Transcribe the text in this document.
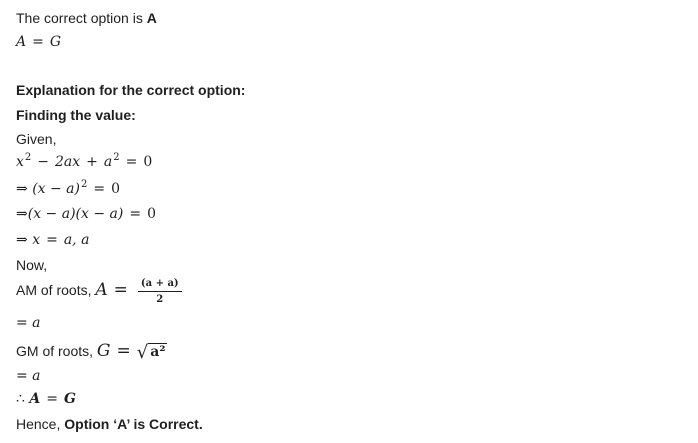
The correct option is A
A = G
Explanation for the correct option:
Finding the value:
Given,
$x^2 - 2ax + a^2 = 0$
⇒ $(x - a)^2 = 0$
⇒(x − a)(x − a) = 0
⇒ x = a, a
Now,
AM of roots, $A = \frac{(a + a)}{2}$
= a
GM of roots, G = √ a²
= a
∴ A = G
Hence, Option ‘A’ is Correct.
